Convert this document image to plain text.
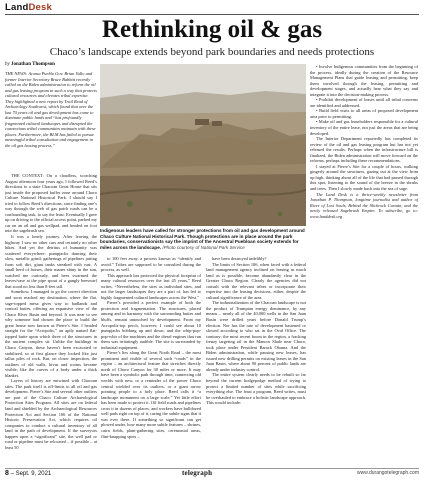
LandDesk
Rethinking oil & gas
Chaco’s landscape extends beyond park boundaries and needs protections
by Jonathan Thompson
THE NEWS: Acoma Pueblo Gov. Brian Vallo and former Interior Secretary Bruce Babbitt recently called on the Biden administration to reform the oil and gas leasing program in such a way that protects cultural resources and elevates tribal expertise. They highlighted a new report by Trail Read of Archaeology Southwest, which found that over the last 70 years oil and gas development has come to dominate public lands and “has profoundly fragmented cultural landscapes and disrupted the connections tribal communities maintain with these places. Furthermore, the BLM has failed to pursue meaningful tribal consultation and engagement in the oil gas leasing process.”

THE CONTEXT: On a cloudless, scorching August afternoon four years ago, I followed Reed’s directions to a state Chacoan Great House that sits just inside the proposed buffer zone around Chaco Culture National Historical Park. I should say I tried to follow Reed’s directions, since finding one’s way through the web of gas patch roads can be a confounding task, to say the least. Eventually I gave up on driving to the official access point, parked my car on an oil and gas wellpad, and headed on foot into the sagebrush sea.

It was a lonely journey. After leaving the highway I saw no other cars and certainly no other hikes. And yet the detritus of humanity was scattered everywhere: pumpjacks dancing their slow, metallic grind; gatherings of pipelines jutting from soft dirt, giant tanks streaked with rust. A small herd of horses, their manes shiny in the sun, watched me curiously, and bees swarmed the leaves/vase at the pipe spout of a gangly beeswarf that stood no less than 8-feet tall.

Somehow, I managed to go the correct direction and soon reached my destination, where the flat, sage-topped mesa gives way to badlands and conical buttes, offering an expansive view of the Chaco River Basin and beyond. It was near to see why someone had chosen the place to build the great house now known as Pierre’s Site. I headed straight for the “Acropolis,” an aptly named flat-topped butte upon which three of the structures in the ancient complex sit. Unlike the buildings in Chaco Canyon, these haven’t been excavated or stabilized, so at first glance they looked like just tallus piles of rock. But, on closer inspection, the outlines of old walls, kivas and rooms became visible, like the curves of a body under a thick blanket.

Layers of history are entwined with Chacoan sites. The park itself is off-limits to all oil and gas development. Pierre’s Site and several other outliers are part of the Chaco Culture Archaeological Protection Sites Program. All sites are on federal land and shielded by the Archaeological Resources Protection Act and Section 106 of the National Historic Preservation Act, which requires oil companies to conduct a cultural inventory of all land in the path of development. If the surveyors happen upon a “significant” site, the well pad or road or pipeline must be relocated – if possible – at least 50

Indigenous leaders have called for stronger protections from oil and gas development around Chaco Culture National Historical Park. Though protections are in place around the park boundaries, conservationists say the imprint of the Ancestral Puebloan society extends for miles across the landscape. /Photo courtesy of National Park Service

to 100 feet away, a process known as “identify and avoid.” Tribes are supposed to be consulted during the process, as well.

This approach has protected the physical footprint of many cultural resources over the last 45 years,” Reed writes. “Nevertheless, the sites as individual sites, and not the larger landscapes they are a part of, has led to highly fragmented cultural landscapes across the West.”

Pierre’s provided a perfect example of both the protection and fragmentation. The structures, placed among and in harmony with the surrounding buttes and bluffs, remain untouched by development. From my Acropolis-top perch, however, I could see about 10 pumpjacks bobbing up and down, and the whip-pop-pop-whir of the machines and the diesel engines that run them was irritatingly audible. The site is surrounded by industrial equipment.

Pierre’s lies along the Great North Road – the most prominent and visible of several such “roads” in the region – an architectural feature that stretches directly north of Chaco Canyon for 30 miles or more. It may have been a symbolic path through time, connecting old worlds with new, or a reminder of the power Chaco central wielded over its outliers, or a giant arrow pointing people to a holy place. Reed calls it “a landscape monument on a large scale.” Yet little effort has been made to protect it. Oil field roads and pipelines cross it in dozens of places, and workers have bulldozed well pads right on top of it, razing the subtle signs that it was ever there. If something so significant can get plowed under, how many more subtle features – shrines, cairn fields, plant-gathering sites, ceremonial areas, flint-knapping spots –

have been destroyed indelibly?

The limits of Section 106, when faced with a federal land management agency inclined on leasing as much land as is possible, become abundantly clear in the Greater Chaco Region. Clearly the agencies did not consult with the relevant tribes or incorporate their expertise into the leasing decisions, either, despite the cultural significance of the area.

The industrialization of the Chacoan landscape is not the product of Trumpian energy dominance, by any means – nearly all of the 40,000 wells in the San Juan Basin were drilled years before Donald Trump’s election. Nor has the rate of development hastened or slowed according to who sat in the Oval Office. The contrary: the most recent boom in the region, a fracking frenzy targeting oil in the Mancos Shale near Chaco, took place under President Barack Obama. And the Biden administration, while pausing new leases, has issued new drilling permits on existing leases in the San Juan Basin, where about 90 percent of public lands are already under industry control.

The entire system clearly needs to be rebuilt so far beyond the current hodgepodge method of trying to protect a limited number of sites while sacrificing everything else. The least a program, Reed writes, must be overhauled to embrace a holistic landscape approach. This would include:

• Involve Indigenous communities from the beginning of the process, ideally during the creation of the Resource Management Plans that guide leasing and permitting, keep them involved through the leasing, permitting and development stages, and actually hear what they say and integrate it into the decision-making process.

• Prohibit development of leases until all tribal concerns are identified and addressed.

• Build field visits to all areas of proposed development area prior to permitting.

• Make oil and gas leaseholders responsible for a cultural inventory of the entire lease, not just the areas that are being developed.

The Interior Department reportedly has completed its review of the oil and gas leasing program but has not yet released the results. Perhaps when the infrastructure bill is finalized, the Biden administration will move forward on the reforms, perhaps including these recommendations.

I stayed at Pierre’s Site for a couple of hours, walking gingerly around the structures, gazing out at the view from up high, thinking about all of the life that had passed through this spot, listening to the sound of the breeze in the shrubs and trees. Then I slowly made back into the sea of sage.

The Land Desk is a thrice-weekly newsletter from Jonathan P. Thompson, longtime journalist and author of River of Lost Souls, Behind the Slickrock Curtain, and the newly released Sagebrush Empire. To subscribe, go to: www.landdesk.org

8 – Sept. 9, 2021	telegraph	www.durangotelegraph.com
